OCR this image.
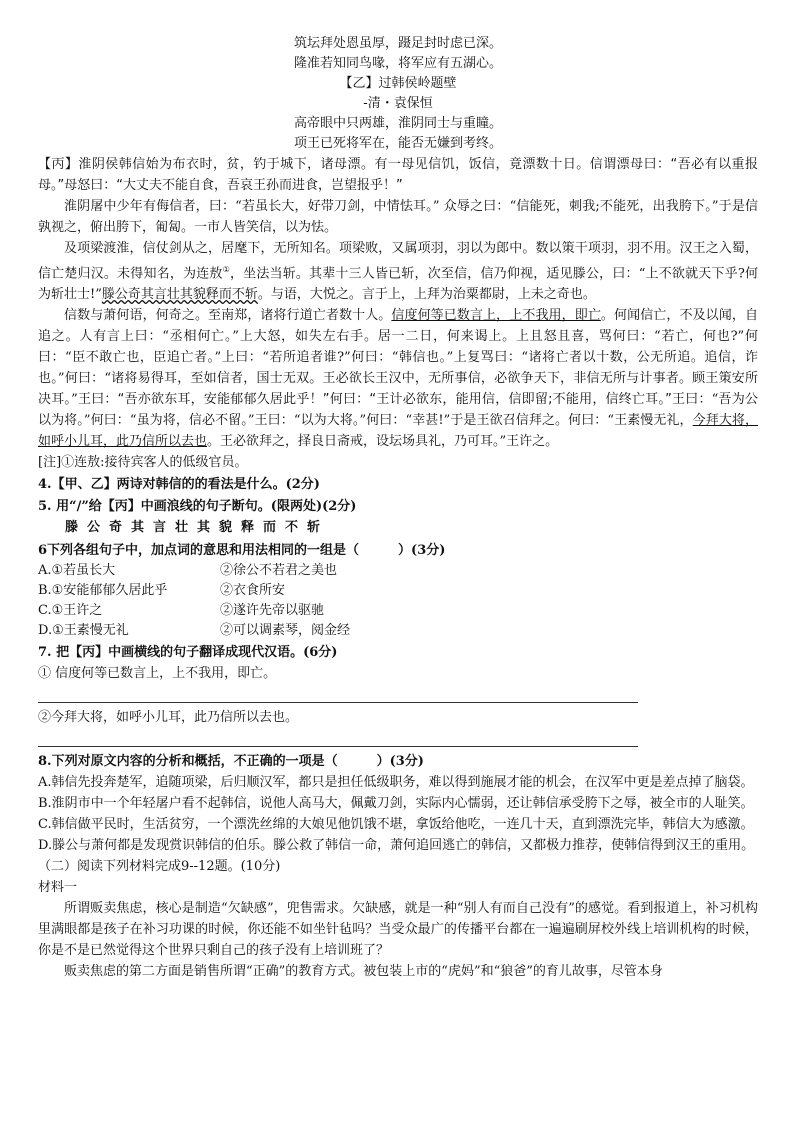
筑坛拜处恩虽厚，蹑足封时虑已深。
隆准若知同鸟喙，将军应有五湖心。
【乙】过韩侯岭题壁
-清・袁保恒
高帝眼中只两雄，淮阴同士与重瞳。
项王已死将军在，能否无嫌到考终。

【丙】淮阴侯韩信始为布衣时，贫，钓于城下，诸母漂。有一母见信饥，饭信，竟漂数十日。信谓漂母曰：“吾必有以重报母。”母怒曰：“大丈夫不能自食，吾哀王孙而进食，岂望报乎！”

淮阴屠中少年有侮信者，曰：“若虽长大，好带刀剑，中情怯耳。” 众辱之曰：“信能死，刺我;不能死，出我胯下。”于是信孰视之，俯出胯下，匍匐。一市人皆笑信，以为怯。

及项梁渡淮，信仗剑从之，居麾下，无所知名。项梁败，又属项羽，羽以为郎中。数以策干项羽，羽不用。汉王之入蜀，信亡楚归汉。未得知名，为连敖①，坐法当斩。其辈十三人皆已斩，次至信，信乃仰视，适见滕公，曰：“上不欲就天下乎?何为斩壮士!”滕公奇其言壮其貌释而不斩。与语，大悦之。言于上，上拜为治粟都尉，上未之奇也。

信数与萧何语，何奇之。至南郑，诸将行道亡者数十人。信度何等已数言上，上不我用，即亡。何闻信亡，不及以闻，自追之。人有言上曰：“丞相何亡。”上大怒，如失左右手。居一二日，何来谒上。上且怒且喜，骂何曰：“若亡，何也?”何曰：“臣不敢亡也，臣追亡者。”上曰：“若所追者谁?”何曰：“韩信也。”上复骂曰：“诸将亡者以十数，公无所追。追信，诈也。”何曰：“诸将易得耳，至如信者，国士无双。王必欲长王汉中，无所事信，必欲争天下，非信无所与计事者。顾王策安所决耳。”王曰：“吾亦欲东耳，安能郁郁久居此乎！”何曰：“王计必欲东，能用信，信即留;不能用，信终亡耳。”王曰：“吾为公以为将。”何曰：“虽为将，信必不留。”王曰：“以为大将。”何曰：“幸甚!”于是王欲召信拜之。何曰：“王素慢无礼，今拜大将，如呼小儿耳，此乃信所以去也。王必欲拜之，择良日斋戒，设坛场具礼，乃可耳。”王许之。

[注]①连敖:接待宾客人的低级官员。

4.【甲、乙】两诗对韩信的的看法是什么。(2分)

5. 用“/”给【丙】中画浪线的句子断句。(限两处)(2分)

滕公奇其言壮其貌释而不斩

6下列各组句子中，加点词的意思和用法相同的一组是（　　　）(3分)

A.①若虽长大	②徐公不若君之美也
B.①安能郁郁久居此乎	②衣食所安
C.①王许之	②遂许先帝以驱驰
D.①王素慢无礼	②可以调素琴，阅金经

7. 把【丙】中画横线的句子翻译成现代汉语。(6分)

① 信度何等已数言上，上不我用，即亡。

②今拜大将，如呼小儿耳，此乃信所以去也。

8.下列对原文内容的分析和概括，不正确的一项是（　　　）(3分)

A.韩信先投奔楚军，追随项梁，后归顺汉军，都只是担任低级职务，难以得到施展才能的机会，在汉军中更是差点掉了脑袋。

B.淮阴市中一个年轻屠户看不起韩信，说他人高马大，佩戴刀剑，实际内心懦弱，还让韩信承受胯下之辱，被全市的人耻笑。

C.韩信做平民时，生活贫穷，一个漂洗丝绵的大娘见他饥饿不堪，拿饭给他吃，一连几十天，直到漂洗完毕，韩信大为感激。

D.滕公与萧何都是发现赏识韩信的伯乐。滕公救了韩信一命，萧何追回逃亡的韩信，又都极力推荐，使韩信得到汉王的重用。

（二）阅读下列材料完成9--12题。(10分)

材料一

所谓贩卖焦虑，核心是制造“欠缺感”，兜售需求。欠缺感，就是一种“别人有而自己没有”的感觉。看到报道上，补习机构里满眼都是孩子在补习功课的时候，你还能不如坐针毡吗？当受众最广的传播平台都在一遍遍刷屏校外线上培训机构的时候，你是不是已然觉得这个世界只剩自己的孩子没有上培训班了？

贩卖焦虑的第二方面是销售所谓“正确”的教育方式。被包装上市的“虎妈”和“狼爸”的育儿故事，尽管本身
